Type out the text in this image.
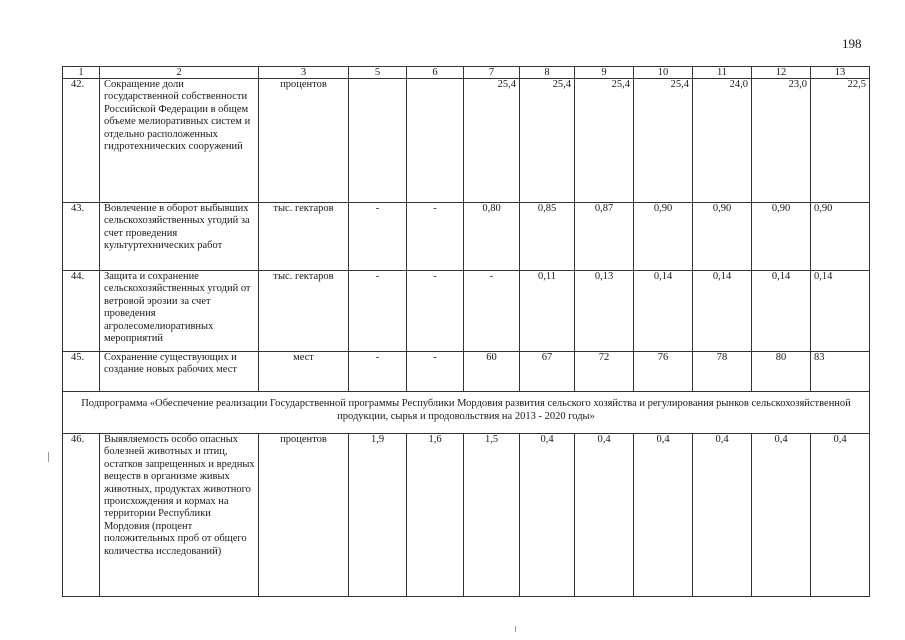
198
1	2	3	5	6	7	8	9	10	11	12	13
42.	Сокращение доли государственной собственности Российской Федерации в общем объеме мелиоративных систем и отдельно расположенных гидротехнических сооружений	процентов			25,4	25,4	25,4	25,4	24,0	23,0	22,5
43.	Вовлечение в оборот выбывших сельскохозяйственных угодий за счет проведения культуртехнических работ	тыс. гектаров	-	-	0,80	0,85	0,87	0,90	0,90	0,90	0,90
44.	Защита и сохранение сельскохозяйственных угодий от ветровой эрозии за счет проведения агролесомелиоративных мероприятий	тыс. гектаров	-	-	-	0,11	0,13	0,14	0,14	0,14	0,14
45.	Сохранение существующих и создание новых рабочих мест	мест	-	-	60	67	72	76	78	80	83
Подпрограмма «Обеспечение реализации Государственной программы Республики Мордовия развития сельского хозяйства и регулирования рынков сельскохозяйственной продукции, сырья и продовольствия на 2013 - 2020 годы»											
46.	Выявляемость особо опасных болезней животных и птиц, остатков запрещенных и вредных веществ в организме живых животных, продуктах животного происхождения и кормах на территории Республики Мордовия (процент положительных проб от общего количества исследований)	процентов	1,9	1,6	1,5	0,4	0,4	0,4	0,4	0,4	0,4
